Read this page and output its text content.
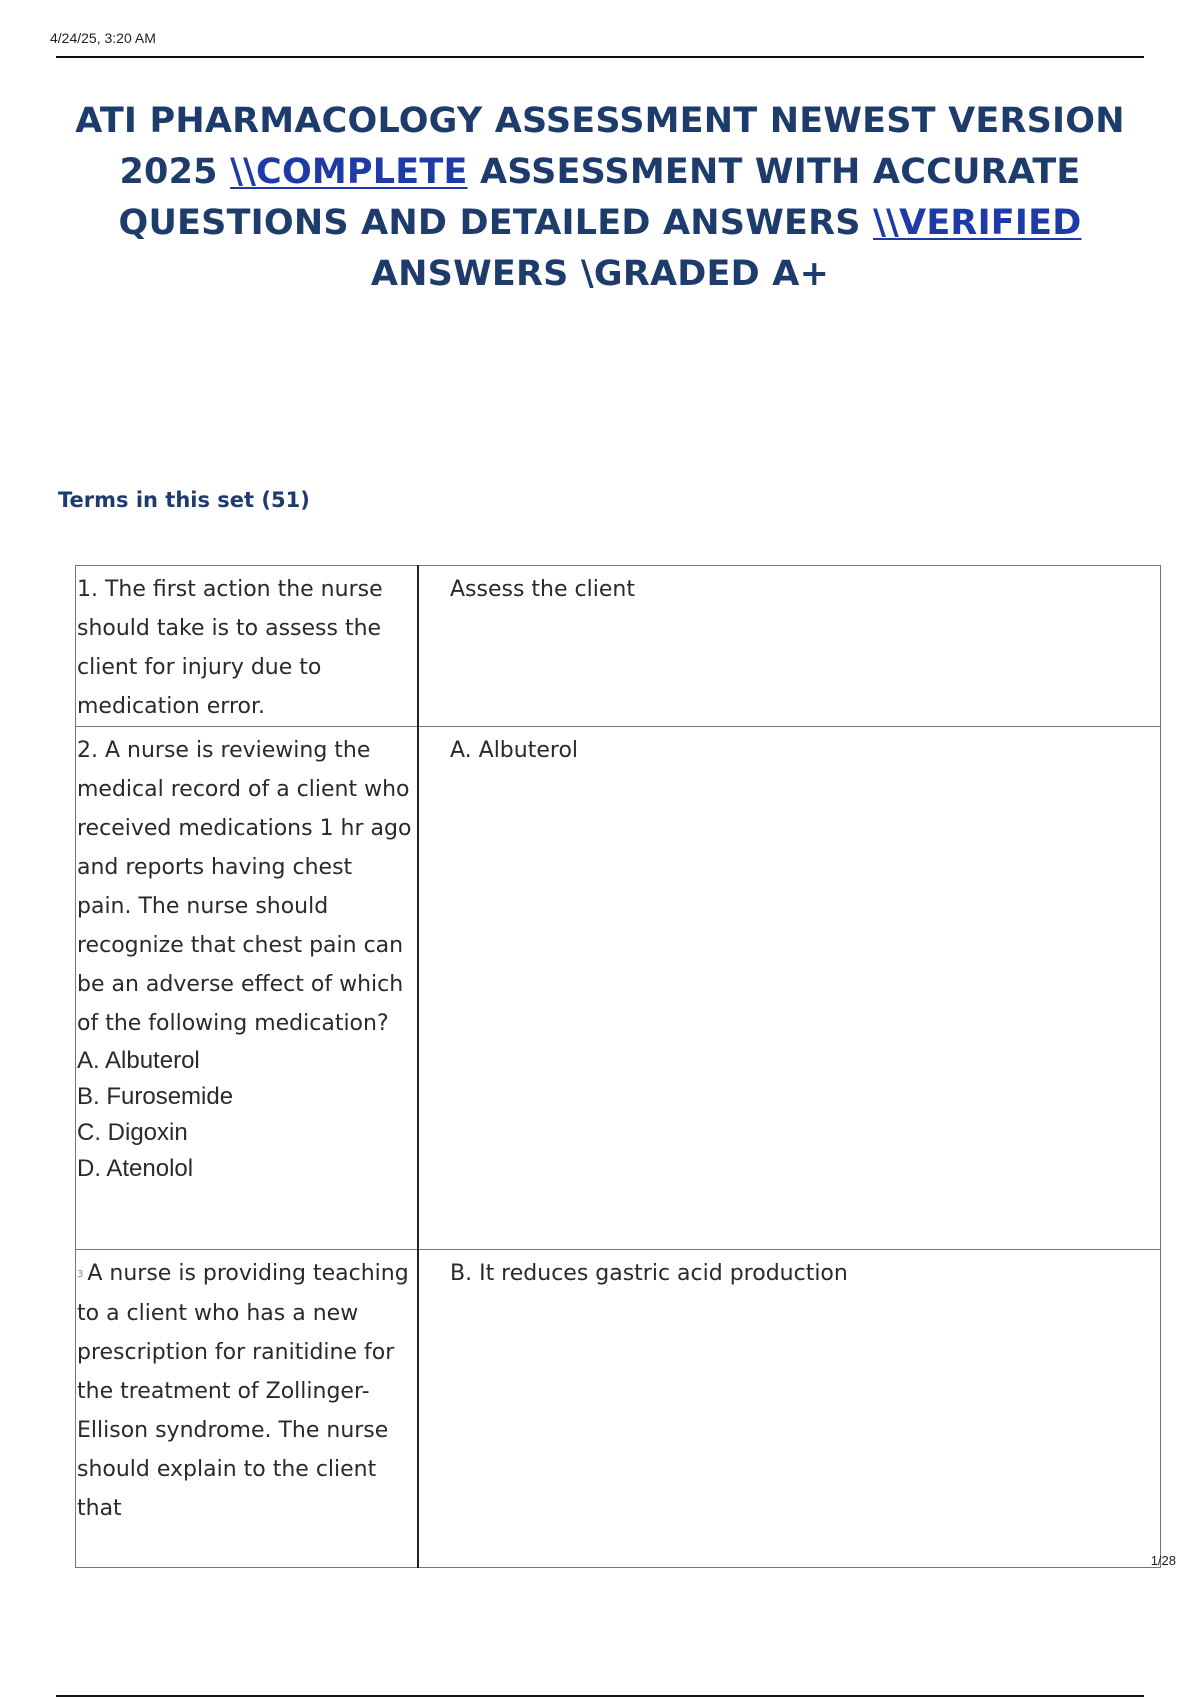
4/24/25, 3:20 AM
ATI PHARMACOLOGY ASSESSMENT NEWEST VERSION 2025 \\COMPLETE ASSESSMENT WITH ACCURATE QUESTIONS AND DETAILED ANSWERS \\VERIFIED ANSWERS \GRADED A+
Terms in this set (51)
1. The first action the nurse should take is to assess the client for injury due to medication error.	Assess the client
2. A nurse is reviewing the medical record of a client who received medications 1 hr ago and reports having chest pain. The nurse should recognize that chest pain can be an adverse effect of which of the following medication?
A. Albuterol
B. Furosemide
C. Digoxin
D. Atenolol	A. Albuterol
3 A nurse is providing teaching to a client who has a new prescription for ranitidine for the treatment of Zollinger-Ellison syndrome. The nurse should explain to the client that	B. It reduces gastric acid production
1/28
